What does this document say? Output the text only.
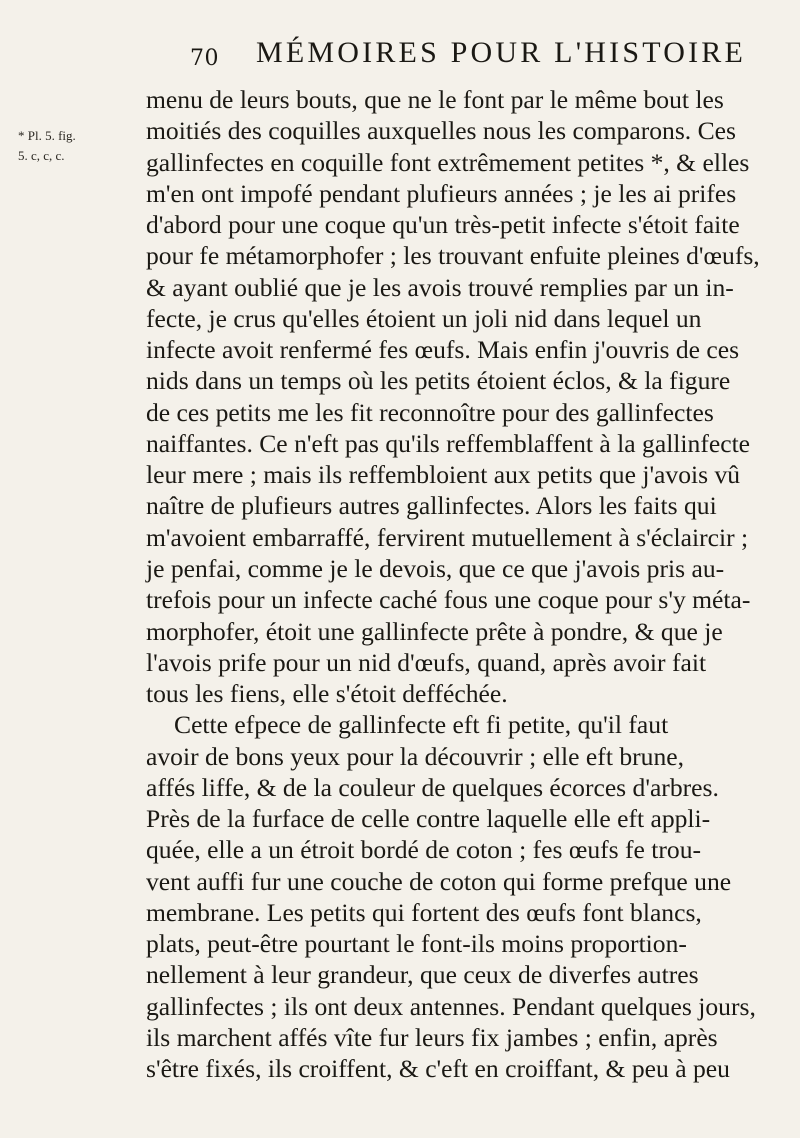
70 MÉMOIRES POUR L'HISTOIRE
* Pl. 5. fig.
5. c, c, c.
menu de leurs bouts, que ne le font par le même bout les
moitiés des coquilles auxquelles nous les comparons. Ces
gallinfectes en coquille font extrêmement petites *, & elles
m'en ont impofé pendant plufieurs années ; je les ai prifes
d'abord pour une coque qu'un très-petit infecte s'étoit faite
pour fe métamorphofer ; les trouvant enfuite pleines d'œufs,
& ayant oublié que je les avois trouvé remplies par un in-
fecte, je crus qu'elles étoient un joli nid dans lequel un
infecte avoit renfermé fes œufs. Mais enfin j'ouvris de ces
nids dans un temps où les petits étoient éclos, & la figure
de ces petits me les fit reconnoître pour des gallinfectes
naiffantes. Ce n'eft pas qu'ils reffemblaffent à la gallinfecte
leur mere ; mais ils reffembloient aux petits que j'avois vû
naître de plufieurs autres gallinfectes. Alors les faits qui
m'avoient embarraffé, fervirent mutuellement à s'éclaircir ;
je penfai, comme je le devois, que ce que j'avois pris au-
trefois pour un infecte caché fous une coque pour s'y méta-
morphofer, étoit une gallinfecte prête à pondre, & que je
l'avois prife pour un nid d'œufs, quand, après avoir fait
tous les fiens, elle s'étoit defféchée.
Cette efpece de gallinfecte eft fi petite, qu'il faut
avoir de bons yeux pour la découvrir ; elle eft brune,
affés liffe, & de la couleur de quelques écorces d'arbres.
Près de la furface de celle contre laquelle elle eft appli-
quée, elle a un étroit bordé de coton ; fes œufs fe trou-
vent auffi fur une couche de coton qui forme prefque une
membrane. Les petits qui fortent des œufs font blancs,
plats, peut-être pourtant le font-ils moins proportion-
nellement à leur grandeur, que ceux de diverfes autres
gallinfectes ; ils ont deux antennes. Pendant quelques jours,
ils marchent affés vîte fur leurs fix jambes ; enfin, après
s'être fixés, ils croiffent, & c'eft en croiffant, & peu à peu
